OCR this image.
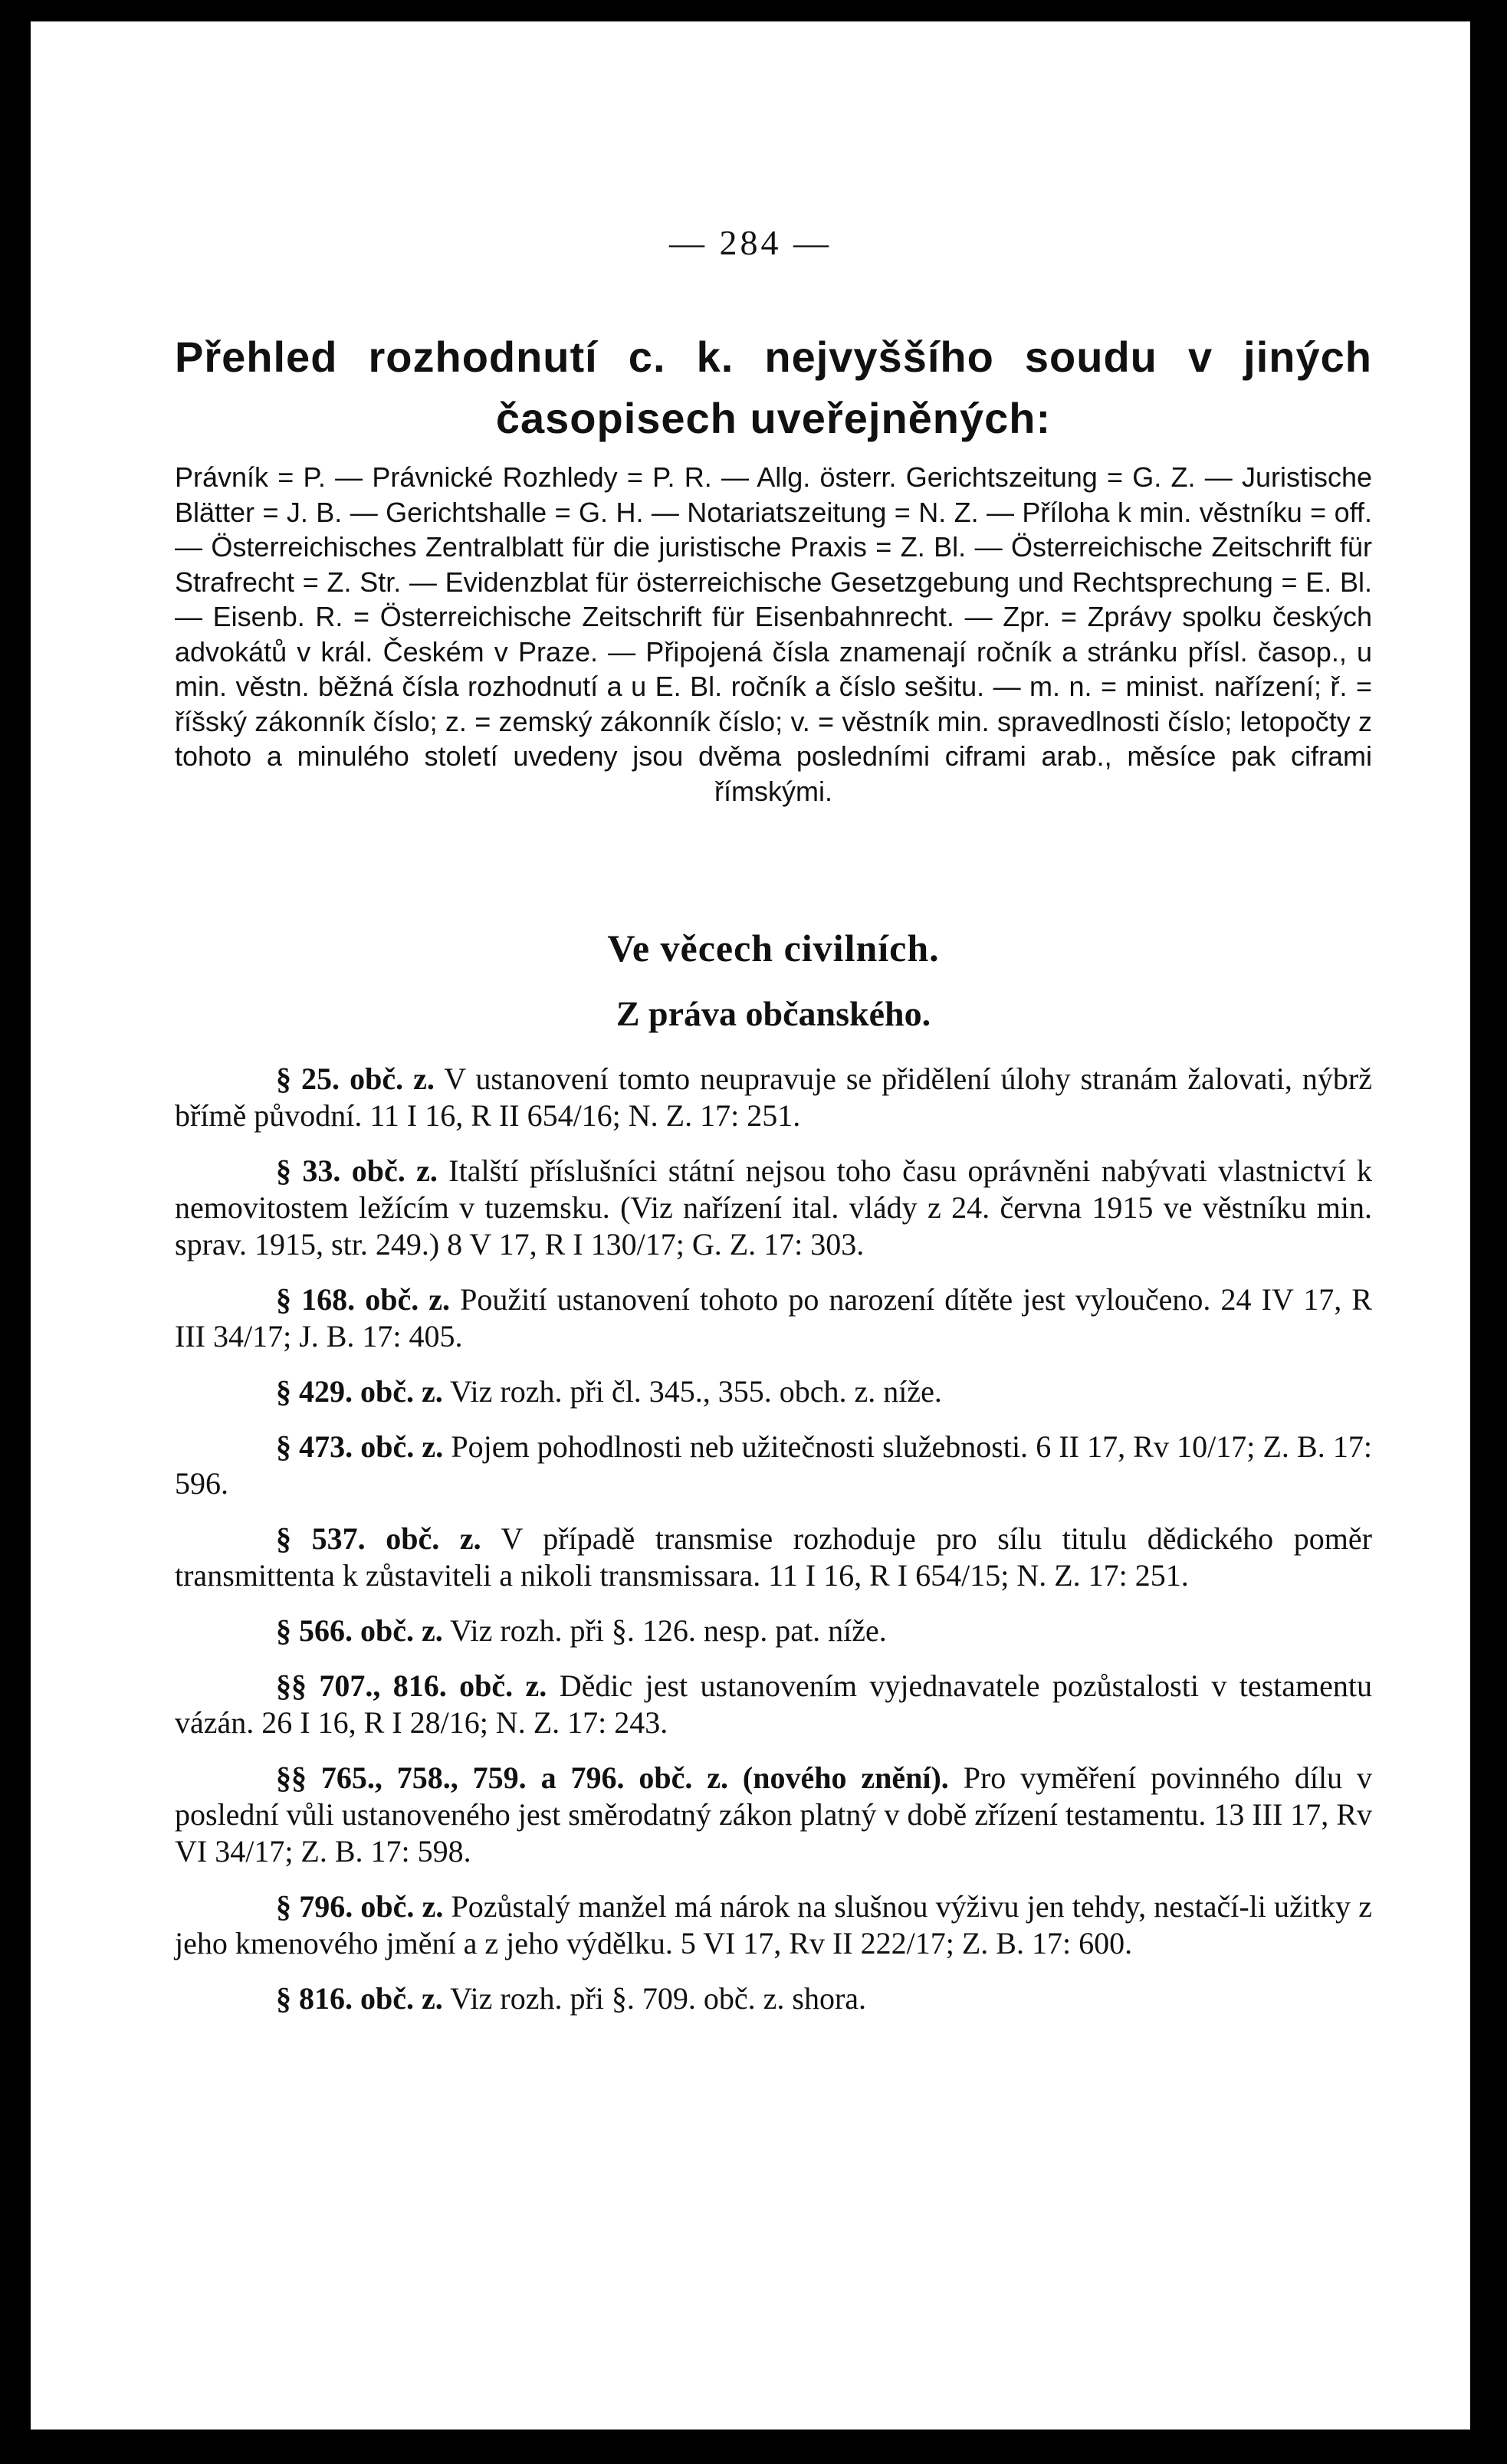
— 284 —
Přehled rozhodnutí c. k. nejvyššího soudu v jiných
časopisech uveřejněných:
Právník = P. — Právnické Rozhledy = P. R. — Allg. österr. Gerichtszeitung = G. Z. — Juristische Blätter = J. B. — Gerichtshalle = G. H. — Notariatszeitung = N. Z. — Příloha k min. věstníku = off. — Österreichisches Zentralblatt für die juristische Praxis = Z. Bl. — Österreichische Zeitschrift für Strafrecht = Z. Str. — Evidenzblat für österreichische Gesetzgebung und Rechtsprechung = E. Bl. — Eisenb. R. = Österreichische Zeitschrift für Eisenbahnrecht. — Zpr. = Zprávy spolku českých advokátů v král. Českém v Praze. — Připojená čísla znamenají ročník a stránku přísl. časop., u min. věstn. běžná čísla rozhodnutí a u E. Bl. ročník a číslo sešitu. — m. n. = minist. nařízení; ř. = říšský zákonník číslo; z. = zemský zákonník číslo; v. = věstník min. spravedlnosti číslo; letopočty z tohoto a minulého století uvedeny jsou dvěma posledními ciframi arab., měsíce pak ciframi římskými.
Ve věcech civilních.
Z práva občanského.

§ 25. obč. z. V ustanovení tomto neupravuje se přidělení úlohy stranám žalovati, nýbrž břímě původní. 11 I 16, R II 654/16; N. Z. 17: 251.

§ 33. obč. z. Italští příslušníci státní nejsou toho času oprávněni nabývati vlastnictví k nemovitostem ležícím v tuzemsku. (Viz nařízení ital. vlády z 24. června 1915 ve věstníku min. sprav. 1915, str. 249.) 8 V 17, R I 130/17; G. Z. 17: 303.

§ 168. obč. z. Použití ustanovení tohoto po narození dítěte jest vyloučeno. 24 IV 17, R III 34/17; J. B. 17: 405.

§ 429. obč. z. Viz rozh. při čl. 345., 355. obch. z. níže.

§ 473. obč. z. Pojem pohodlnosti neb užitečnosti služebnosti. 6 II 17, Rv 10/17; Z. B. 17: 596.

§ 537. obč. z. V případě transmise rozhoduje pro sílu titulu dědického poměr transmittenta k zůstaviteli a nikoli transmissara. 11 I 16, R I 654/15; N. Z. 17: 251.

§ 566. obč. z. Viz rozh. při §. 126. nesp. pat. níže.

§§ 707., 816. obč. z. Dědic jest ustanovením vyjednavatele pozůstalosti v testamentu vázán. 26 I 16, R I 28/16; N. Z. 17: 243.

§§ 765., 758., 759. a 796. obč. z. (nového znění). Pro vyměření povinného dílu v poslední vůli ustanoveného jest směrodatný zákon platný v době zřízení testamentu. 13 III 17, Rv VI 34/17; Z. B. 17: 598.

§ 796. obč. z. Pozůstalý manžel má nárok na slušnou výživu jen tehdy, nestačí-li užitky z jeho kmenového jmění a z jeho výdělku. 5 VI 17, Rv II 222/17; Z. B. 17: 600.

§ 816. obč. z. Viz rozh. při §. 709. obč. z. shora.
